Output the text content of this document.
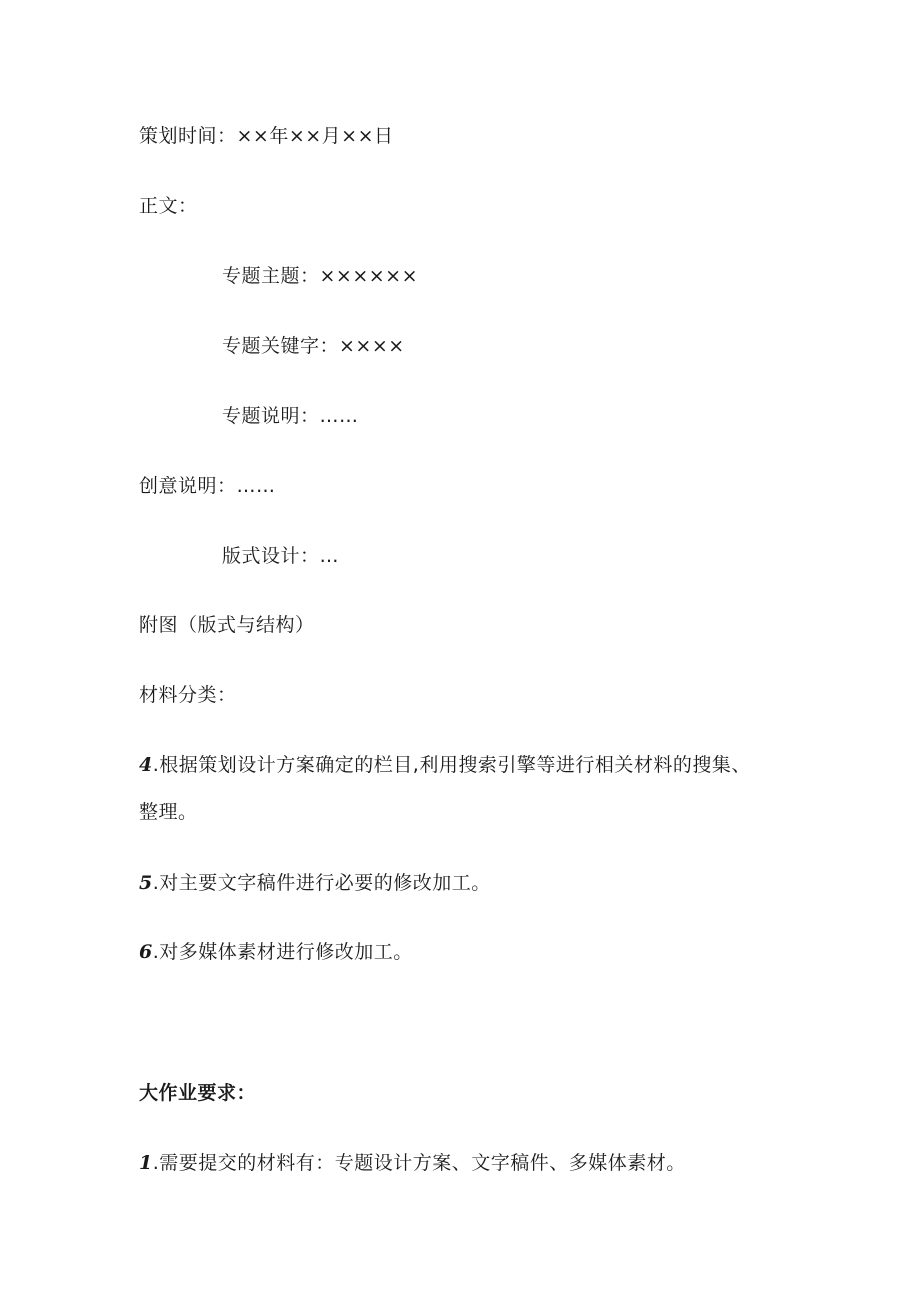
策划时间：××年××月××日
正文：
专题主题：××××××
专题关键字：××××
专题说明：……
创意说明：……
版式设计：…
附图（版式与结构）
材料分类：
4.根据策划设计方案确定的栏目,利用搜索引擎等进行相关材料的搜集、
整理。
5.对主要文字稿件进行必要的修改加工。
6.对多媒体素材进行修改加工。
大作业要求：
1.需要提交的材料有：专题设计方案、文字稿件、多媒体素材。
